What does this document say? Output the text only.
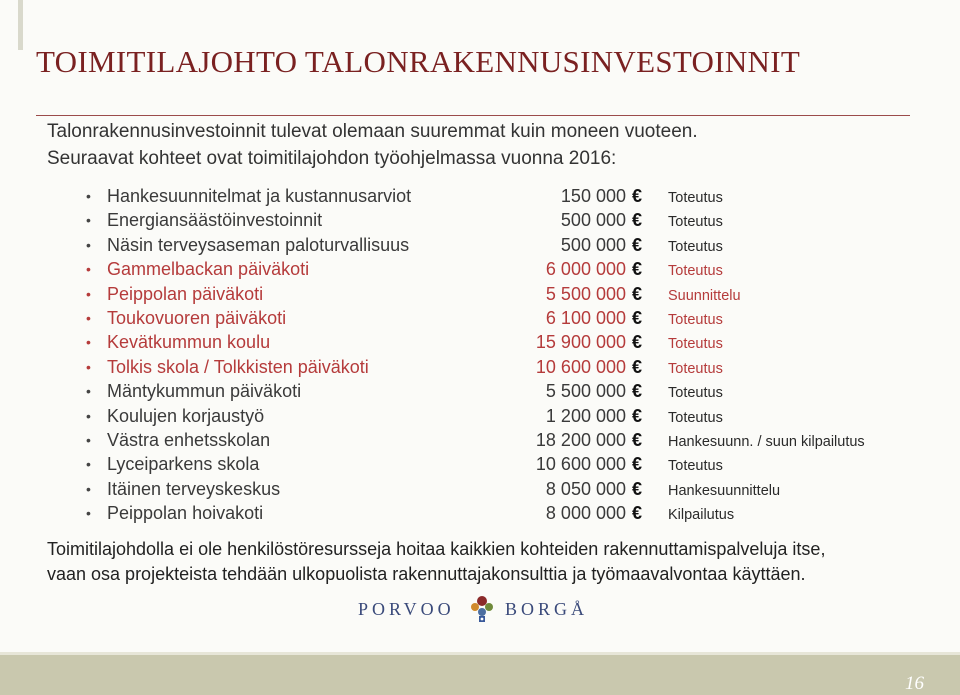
TOIMITILAJOHTO TALONRAKENNUSINVESTOINNIT
Talonrakennusinvestoinnit tulevat olemaan suuremmat kuin moneen vuoteen.
Seuraavat kohteet ovat toimitilajohdon työohjelmassa vuonna 2016:
• Hankesuunnitelmat ja kustannusarviot	150 000 € Toteutus
• Energiansäästöinvestoinnit	500 000 € Toteutus
• Näsin terveysaseman paloturvallisuus	500 000 € Toteutus
• Gammelbackan päiväkoti	6 000 000 € Toteutus
• Peippolan päiväkoti	5 500 000 € Suunnittelu
• Toukovuoren päiväkoti	6 100 000 € Toteutus
• Kevätkummun koulu	15 900 000 € Toteutus
• Tolkis skola / Tolkkisten päiväkoti	10 600 000 € Toteutus
• Mäntykummun päiväkoti	5 500 000 € Toteutus
• Koulujen korjaustyö	1 200 000 € Toteutus
• Västra enhetsskolan	18 200 000 € Hankesuunn. / suun kilpailutus
• Lyceiparkens skola	10 600 000 € Toteutus
• Itäinen terveyskeskus	8 050 000 € Hankesuunnittelu
• Peippolan hoivakoti	8 000 000 € Kilpailutus
Toimitilajohdolla ei ole henkilöstöresursseja hoitaa kaikkien kohteiden rakennuttamispalveluja itse,
vaan osa projekteista tehdään ulkopuolista rakennuttajakonsulttia ja työmaavalvontaa käyttäen.
PORVOO	BORGÅ
16
